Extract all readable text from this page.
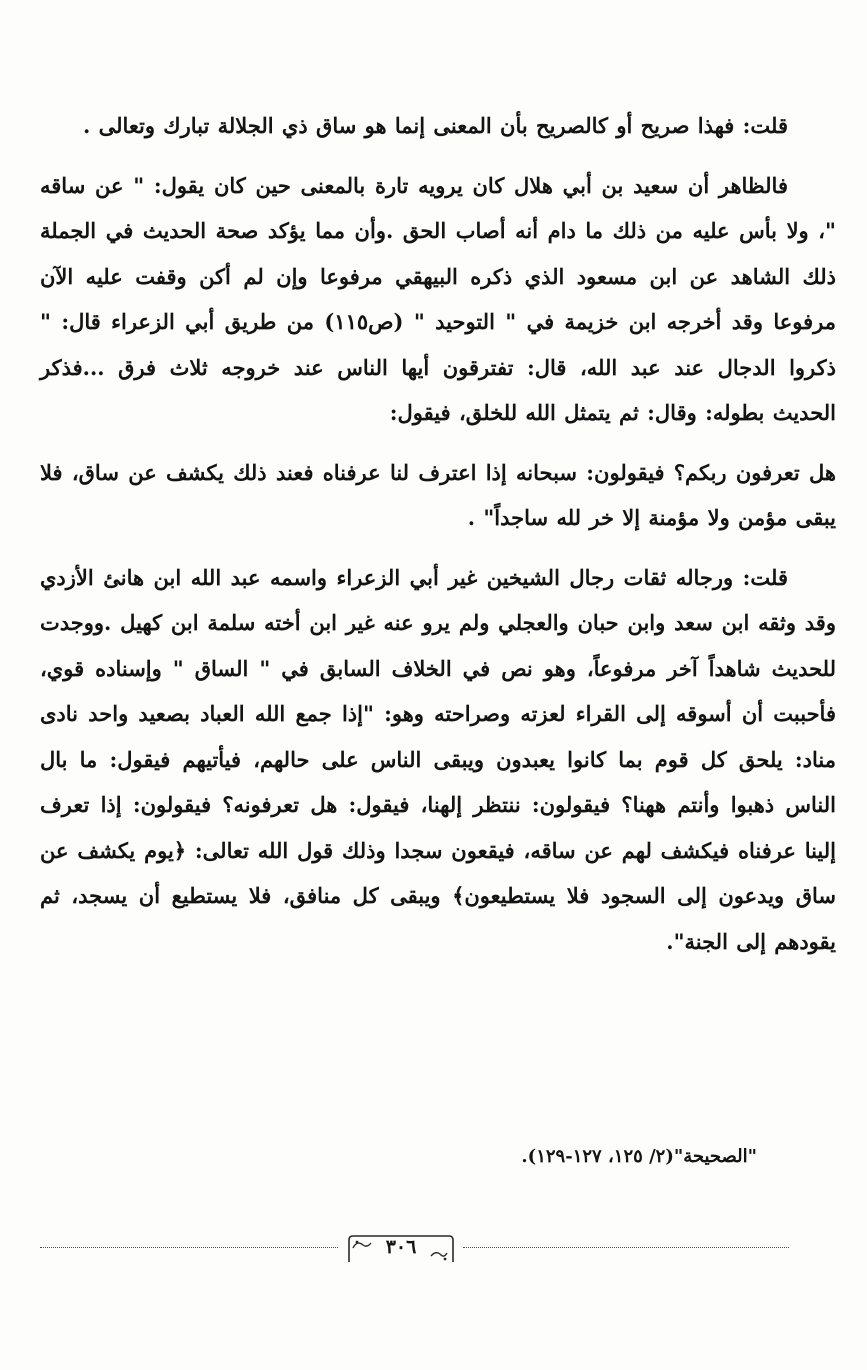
قلت: فهذا صريح أو كالصريح بأن المعنى إنما هو ساق ذي الجلالة تبارك وتعالى .

فالظاهر أن سعيد بن أبي هلال كان يرويه تارة بالمعنى حين كان يقول: " عن ساقه "، ولا بأس عليه من ذلك ما دام أنه أصاب الحق .وأن مما يؤكد صحة الحديث في الجملة ذلك الشاهد عن ابن مسعود الذي ذكره البيهقي مرفوعا وإن لم أكن وقفت عليه الآن مرفوعا وقد أخرجه ابن خزيمة في " التوحيد " (ص١١٥) من طريق أبي الزعراء قال: " ذكروا الدجال عند عبد الله، قال: تفترقون أيها الناس عند خروجه ثلاث فرق ...فذكر الحديث بطوله: وقال: ثم يتمثل الله للخلق، فيقول:

هل تعرفون ربكم؟ فيقولون: سبحانه إذا اعترف لنا عرفناه فعند ذلك يكشف عن ساق، فلا يبقى مؤمن ولا مؤمنة إلا خر لله ساجداً" .

قلت: ورجاله ثقات رجال الشيخين غير أبي الزعراء واسمه عبد الله ابن هانئ الأزدي وقد وثقه ابن سعد وابن حبان والعجلي ولم يرو عنه غير ابن أخته سلمة ابن كهيل .ووجدت للحديث شاهداً آخر مرفوعاً، وهو نص في الخلاف السابق في " الساق " وإسناده قوي، فأحببت أن أسوقه إلى القراء لعزته وصراحته وهو: "إذا جمع الله العباد بصعيد واحد نادى مناد: يلحق كل قوم بما كانوا يعبدون ويبقى الناس على حالهم، فيأتيهم فيقول: ما بال الناس ذهبوا وأنتم ههنا؟ فيقولون: ننتظر إلهنا، فيقول: هل تعرفونه؟ فيقولون: إذا تعرف إلينا عرفناه فيكشف لهم عن ساقه، فيقعون سجدا وذلك قول الله تعالى: ﴿يوم يكشف عن ساق ويدعون إلى السجود فلا يستطيعون﴾ ويبقى كل منافق، فلا يستطيع أن يسجد، ثم يقودهم إلى الجنة".

"الصحيحة"(٢/ ١٢٥، ١٢٧-١٢٩).
٣٠٦
